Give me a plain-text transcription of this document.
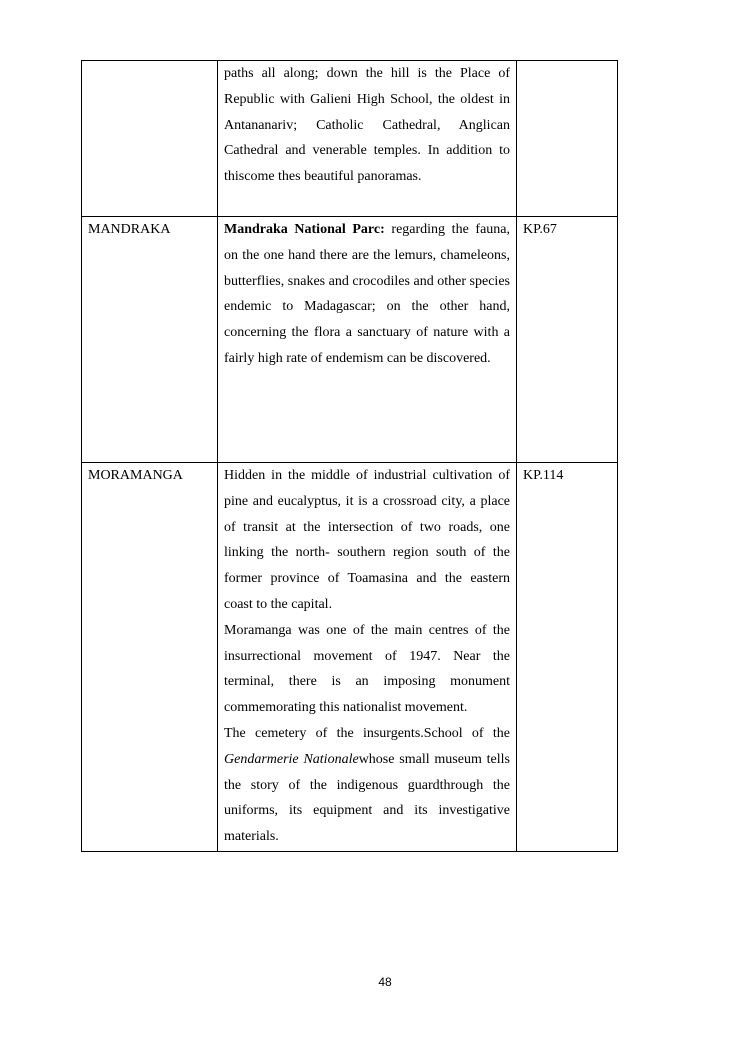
	paths all along; down the hill is the Place of Republic with Galieni High School, the oldest in Antananariv; Catholic Cathedral, Anglican Cathedral and venerable temples. In addition to thiscome thes beautiful panoramas.	

MANDRAKA	Mandraka National Parc: regarding the fauna, on the one hand there are the lemurs, chameleons, butterflies, snakes and crocodiles and other species endemic to Madagascar; on the other hand, concerning the flora a sanctuary of nature with a fairly high rate of endemism can be discovered.	KP.67
MORAMANGA	Hidden in the middle of industrial cultivation of pine and eucalyptus, it is a crossroad city, a place of transit at the intersection of two roads, one linking the north- southern region south of the former province of Toamasina and the eastern coast to the capital.
Moramanga was one of the main centres of the insurrectional movement of 1947. Near the terminal, there is an imposing monument commemorating this nationalist movement.
The cemetery of the insurgents.School of the Gendarmerie Nationalewhose small museum tells the story of the indigenous guardthrough the uniforms, its equipment and its investigative materials.	KP.114
48
